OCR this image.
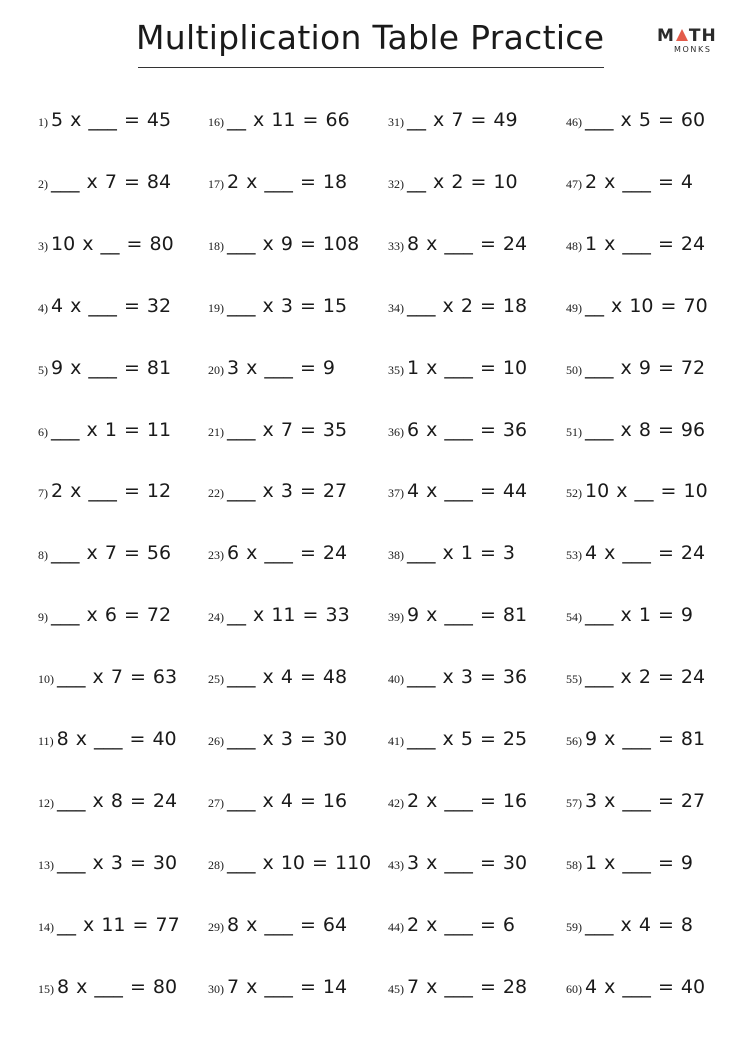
Multiplication Table Practice	M TH
MONKS
1 ) 5 x ___ = 45
2 ) ___ x 7 = 84
3 ) 10 x __ = 80
4 ) 4 x ___ = 32
5 ) 9 x ___ = 81
6 ) ___ x 1 = 11
7 ) 2 x ___ = 12
8 ) ___ x 7 = 56
9 ) ___ x 6 = 72
10 ) ___ x 7 = 63
11 ) 8 x ___ = 40
12 ) ___ x 8 = 24
13 ) ___ x 3 = 30
14 ) __ x 11 = 77
15 ) 8 x ___ = 80
16 ) __ x 11 = 66
17 ) 2 x ___ = 18
18 ) ___ x 9 = 108
19 ) ___ x 3 = 15
20 ) 3 x ___ = 9
21 ) ___ x 7 = 35
22 ) ___ x 3 = 27
23 ) 6 x ___ = 24
24 ) __ x 11 = 33
25 ) ___ x 4 = 48
26 ) ___ x 3 = 30
27 ) ___ x 4 = 16
28 ) ___ x 10 = 110
29 ) 8 x ___ = 64
30 ) 7 x ___ = 14
31 ) __ x 7 = 49
32 ) __ x 2 = 10
33 ) 8 x ___ = 24
34 ) ___ x 2 = 18
35 ) 1 x ___ = 10
36 ) 6 x ___ = 36
37 ) 4 x ___ = 44
38 ) ___ x 1 = 3
39 ) 9 x ___ = 81
40 ) ___ x 3 = 36
41 ) ___ x 5 = 25
42 ) 2 x ___ = 16
43 ) 3 x ___ = 30
44 ) 2 x ___ = 6
45 ) 7 x ___ = 28
46 ) ___ x 5 = 60
47 ) 2 x ___ = 4
48 ) 1 x ___ = 24
49 ) __ x 10 = 70
50 ) ___ x 9 = 72
51 ) ___ x 8 = 96
52 ) 10 x __ = 10
53 ) 4 x ___ = 24
54 ) ___ x 1 = 9
55 ) ___ x 2 = 24
56 ) 9 x ___ = 81
57 ) 3 x ___ = 27
58 ) 1 x ___ = 9
59 ) ___ x 4 = 8
60 ) 4 x ___ = 40
